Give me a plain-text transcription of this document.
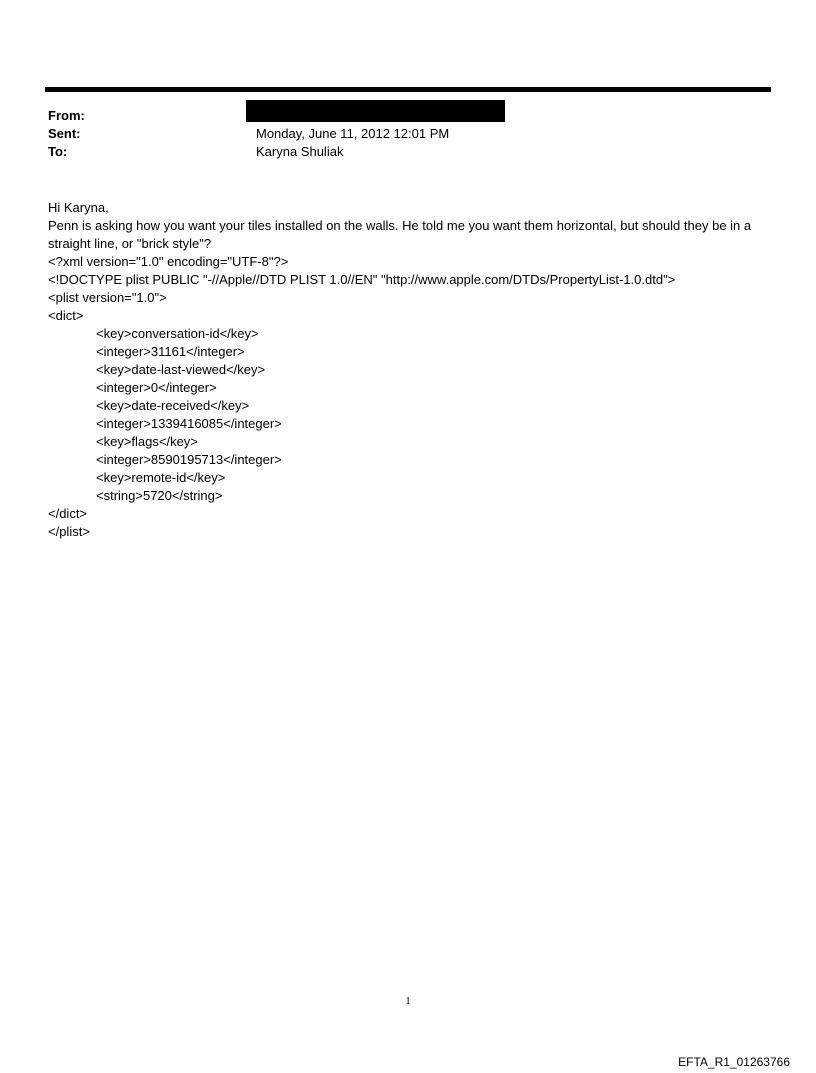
From:
Sent:	Monday, June 11, 2012 12:01 PM
To:	Karyna Shuliak

Hi Karyna,

Penn is asking how you want your tiles installed on the walls. He told me you want them horizontal, but should they be in a straight line, or "brick style"?

<?xml version="1.0" encoding="UTF-8"?>

<!DOCTYPE plist PUBLIC "-//Apple//DTD PLIST 1.0//EN" "http://www.apple.com/DTDs/PropertyList-1.0.dtd">

<plist version="1.0">

<dict>

<key>conversation-id</key>

<integer>31161</integer>

<key>date-last-viewed</key>

<integer>0</integer>

<key>date-received</key>

<integer>1339416085</integer>

<key>flags</key>

<integer>8590195713</integer>

<key>remote-id</key>

<string>5720</string>

</dict>

</plist>

1
EFTA_R1_01263766
